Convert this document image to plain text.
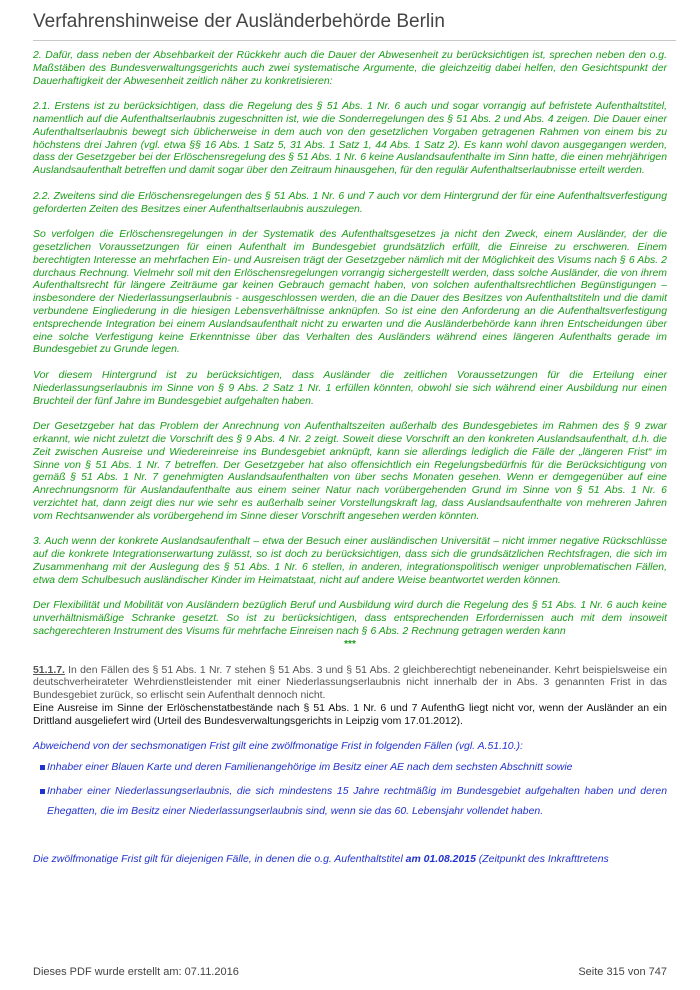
Verfahrenshinweise der Ausländerbehörde Berlin

2. Dafür, dass neben der Absehbarkeit der Rückkehr auch die Dauer der Abwesenheit zu berücksichtigen ist, sprechen neben den o.g. Maßstäben des Bundesverwaltungsgerichts auch zwei systematische Argumente, die gleichzeitig dabei helfen, den Gesichtspunkt der Dauerhaftigkeit der Abwesenheit zeitlich näher zu konkretisieren:

2.1. Erstens ist zu berücksichtigen, dass die Regelung des § 51 Abs. 1 Nr. 6 auch und sogar vorrangig auf befristete Aufenthaltstitel, namentlich auf die Aufenthaltserlaubnis zugeschnitten ist, wie die Sonderregelungen des § 51 Abs. 2 und Abs. 4 zeigen. Die Dauer einer Aufenthaltserlaubnis bewegt sich üblicherweise in dem auch von den gesetzlichen Vorgaben getragenen Rahmen von einem bis zu höchstens drei Jahren (vgl. etwa §§ 16 Abs. 1 Satz 5, 31 Abs. 1 Satz 1, 44 Abs. 1 Satz 2). Es kann wohl davon ausgegangen werden, dass der Gesetzgeber bei der Erlöschensregelung des § 51 Abs. 1 Nr. 6 keine Auslandsaufenthalte im Sinn hatte, die einen mehrjährigen Auslandsaufenthalt betreffen und damit sogar über den Zeitraum hinausgehen, für den regulär Aufenthaltserlaubnisse erteilt werden.

2.2. Zweitens sind die Erlöschensregelungen des § 51 Abs. 1 Nr. 6 und 7 auch vor dem Hintergrund der für eine Aufenthaltsverfestigung geforderten Zeiten des Besitzes einer Aufenthaltserlaubnis auszulegen.

So verfolgen die Erlöschensregelungen in der Systematik des Aufenthaltsgesetzes ja nicht den Zweck, einem Ausländer, der die gesetzlichen Voraussetzungen für einen Aufenthalt im Bundesgebiet grundsätzlich erfüllt, die Einreise zu erschweren. Einem berechtigten Interesse an mehrfachen Ein- und Ausreisen trägt der Gesetzgeber nämlich mit der Möglichkeit des Visums nach § 6 Abs. 2 durchaus Rechnung. Vielmehr soll mit den Erlöschensregelungen vorrangig sichergestellt werden, dass solche Ausländer, die von ihrem Aufenthaltsrecht für längere Zeiträume gar keinen Gebrauch gemacht haben, von solchen aufenthaltsrechtlichen Begünstigungen – insbesondere der Niederlassungserlaubnis - ausgeschlossen werden, die an die Dauer des Besitzes von Aufenthaltstiteln und die damit verbundene Eingliederung in die hiesigen Lebensverhältnisse anknüpfen. So ist eine den Anforderung an die Aufenthaltsverfestigung entsprechende Integration bei einem Auslandsaufenthalt nicht zu erwarten und die Ausländerbehörde kann ihren Entscheidungen über eine solche Verfestigung keine Erkenntnisse über das Verhalten des Ausländers während eines längeren Aufenthalts gerade im Bundesgebiet zu Grunde legen.

Vor diesem Hintergrund ist zu berücksichtigen, dass Ausländer die zeitlichen Voraussetzungen für die Erteilung einer Niederlassungserlaubnis im Sinne von § 9 Abs. 2 Satz 1 Nr. 1 erfüllen könnten, obwohl sie sich während einer Ausbildung nur einen Bruchteil der fünf Jahre im Bundesgebiet aufgehalten haben.

Der Gesetzgeber hat das Problem der Anrechnung von Aufenthaltszeiten außerhalb des Bundesgebietes im Rahmen des § 9 zwar erkannt, wie nicht zuletzt die Vorschrift des § 9 Abs. 4 Nr. 2 zeigt. Soweit diese Vorschrift an den konkreten Auslandsaufenthalt, d.h. die Zeit zwischen Ausreise und Wiedereinreise ins Bundesgebiet anknüpft, kann sie allerdings lediglich die Fälle der „längeren Frist“ im Sinne von § 51 Abs. 1 Nr. 7 betreffen. Der Gesetzgeber hat also offensichtlich ein Regelungsbedürfnis für die Berücksichtigung von gemäß § 51 Abs. 1 Nr. 7 genehmigten Auslandsaufenthalten von über sechs Monaten gesehen. Wenn er demgegenüber auf eine Anrechnungsnorm für Auslandaufenthalte aus einem seiner Natur nach vorübergehenden Grund im Sinne von § 51 Abs. 1 Nr. 6 verzichtet hat, dann zeigt dies nur wie sehr es außerhalb seiner Vorstellungskraft lag, dass Auslandsaufenthalte von mehreren Jahren vom Rechtsanwender als vorübergehend im Sinne dieser Vorschrift angesehen werden könnten.

3. Auch wenn der konkrete Auslandsaufenthalt – etwa der Besuch einer ausländischen Universität – nicht immer negative Rückschlüsse auf die konkrete Integrationserwartung zulässt, so ist doch zu berücksichtigen, dass sich die grundsätzlichen Rechtsfragen, die sich im Zusammenhang mit der Auslegung des § 51 Abs. 1 Nr. 6 stellen, in anderen, integrationspolitisch weniger unproblematischen Fällen, etwa dem Schulbesuch ausländischer Kinder im Heimatstaat, nicht auf andere Weise beantwortet werden können.

Der Flexibilität und Mobilität von Ausländern bezüglich Beruf und Ausbildung wird durch die Regelung des § 51 Abs. 1 Nr. 6 auch keine unverhältnismäßige Schranke gesetzt. So ist zu berücksichtigen, dass entsprechenden Erfordernissen auch mit dem insoweit sachgerechteren Instrument des Visums für mehrfache Einreisen nach § 6 Abs. 2 Rechnung getragen werden kann

***

51.1.7. In den Fällen des § 51 Abs. 1 Nr. 7 stehen § 51 Abs. 3 und § 51 Abs. 2 gleichberechtigt nebeneinander. Kehrt beispielsweise ein deutschverheirateter Wehrdienstleistender mit einer Niederlassungserlaubnis nicht innerhalb der in Abs. 3 genannten Frist in das Bundesgebiet zurück, so erlischt sein Aufenthalt dennoch nicht.

Eine Ausreise im Sinne der Erlöschenstatbestände nach § 51 Abs. 1 Nr. 6 und 7 AufenthG liegt nicht vor, wenn der Ausländer an ein Drittland ausgeliefert wird (Urteil des Bundesverwaltungsgerichts in Leipzig vom 17.01.2012).

Abweichend von der sechsmonatigen Frist gilt eine zwölfmonatige Frist in folgenden Fällen (vgl. A.51.10.):

Inhaber einer Blauen Karte und deren Familienangehörige im Besitz einer AE nach dem sechsten Abschnitt sowie
Inhaber einer Niederlassungserlaubnis, die sich mindestens 15 Jahre rechtmäßig im Bundesgebiet aufgehalten haben und deren Ehegatten, die im Besitz einer Niederlassungserlaubnis sind, wenn sie das 60. Lebensjahr vollendet haben.

Die zwölfmonatige Frist gilt für diejenigen Fälle, in denen die o.g. Aufenthaltstitel am 01.08.2015 (Zeitpunkt des Inkrafttretens

Dieses PDF wurde erstellt am: 07.11.2016	Seite 315 von 747
